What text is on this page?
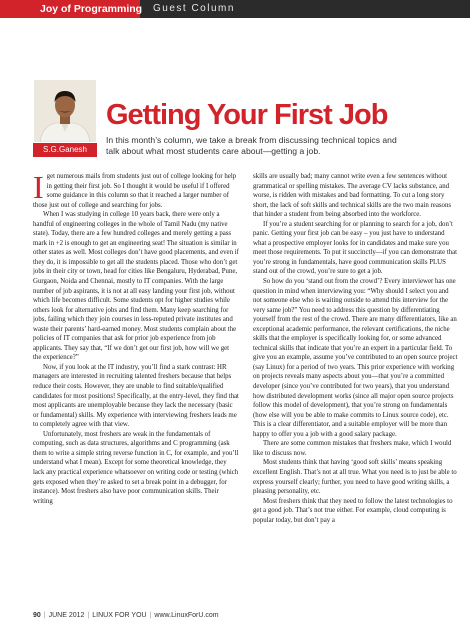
Joy of Programming Guest Column
S.G.Ganesh
Getting Your First Job

In this month’s column, we take a break from discussing technical topics and talk about what most students care about—getting a job.

Iget numerous mails from students just out of college looking for help in getting their first job. So I thought it would be useful if I offered some guidance in this column so that it reached a larger number of those just out of college and searching for jobs.

When I was studying in college 10 years back, there were only a handful of engineering colleges in the whole of Tamil Nadu (my native state). Today, there are a few hundred colleges and merely getting a pass mark in +2 is enough to get an engineering seat! The situation is similar in other states as well. Most colleges don’t have good placements, and even if they do, it is impossible to get all the students placed. Those who don’t get jobs in their city or town, head for cities like Bengaluru, Hyderabad, Pune, Gurgaon, Noida and Chennai, mostly to IT companies. With the large number of job aspirants, it is not at all easy landing your first job, without which life becomes difficult. Some students opt for higher studies while others look for alternative jobs and find them. Many keep searching for jobs, failing which they join courses in less-reputed private institutes and waste their parents’ hard-earned money. Most students complain about the policies of IT companies that ask for prior job experience from job applicants. They say that, “If we don’t get our first job, how will we get the experience?”

Now, if you look at the IT industry, you’ll find a stark contrast: HR managers are interested in recruiting talented freshers because that helps reduce their costs. However, they are unable to find suitable/qualified candidates for most positions! Specifically, at the entry-level, they find that most applicants are unemployable because they lack the necessary (basic or fundamental) skills. My experience with interviewing freshers leads me to completely agree with that view.

Unfortunately, most freshers are weak in the fundamentals of computing, such as data structures, algorithms and C programming (ask them to write a simple string reverse function in C, for example, and you’ll understand what I mean). Except for some theoretical knowledge, they lack any practical experience whatsoever on writing code or testing (which gets exposed when they’re asked to set a break point in a debugger, for instance). Most freshers also have poor communication skills. Their writing

skills are usually bad; many cannot write even a few sentences without grammatical or spelling mistakes. The average CV lacks substance, and worse, is ridden with mistakes and bad formatting. To cut a long story short, the lack of soft skills and technical skills are the two main reasons that hinder a student from being absorbed into the workforce.

If you’re a student searching for or planning to search for a job, don’t panic. Getting your first job can be easy – you just have to understand what a prospective employer looks for in candidates and make sure you meet those requirements. To put it succinctly—if you can demonstrate that you’re strong in fundamentals, have good communication skills PLUS stand out of the crowd, you’re sure to get a job.

So how do you ‘stand out from the crowd’? Every interviewer has one question in mind when interviewing you: “Why should I select you and not someone else who is waiting outside to attend this interview for the very same job?” You need to address this question by differentiating yourself from the rest of the crowd. There are many differentiators, like an exceptional academic performance, the relevant certifications, the niche skills that the employer is specifically looking for, or some advanced technical skills that indicate that you’re an expert in a particular field. To give you an example, assume you’ve contributed to an open source project (say Linux) for a period of two years. This prior experience with working on projects reveals many aspects about you—that you’re a committed developer (since you’ve contributed for two years), that you understand how distributed development works (since all major open source projects follow this model of development), that you’re strong on fundamentals (how else will you be able to make commits to Linux source code), etc. This is a clear differentiator, and a suitable employer will be more than happy to offer you a job with a good salary package.

There are some common mistakes that freshers make, which I would like to discuss now.

Most students think that having ‘good soft skills’ means speaking excellent English. That’s not at all true. What you need is to just be able to express yourself clearly; further, you need to have good writing skills, a pleasing personality, etc.

Most freshers think that they need to follow the latest technologies to get a good job. That’s not true either. For example, cloud computing is popular today, but don’t pay a

90 | JUNE 2012 | LINUX FOR YOU | www.LinuxForU.com
